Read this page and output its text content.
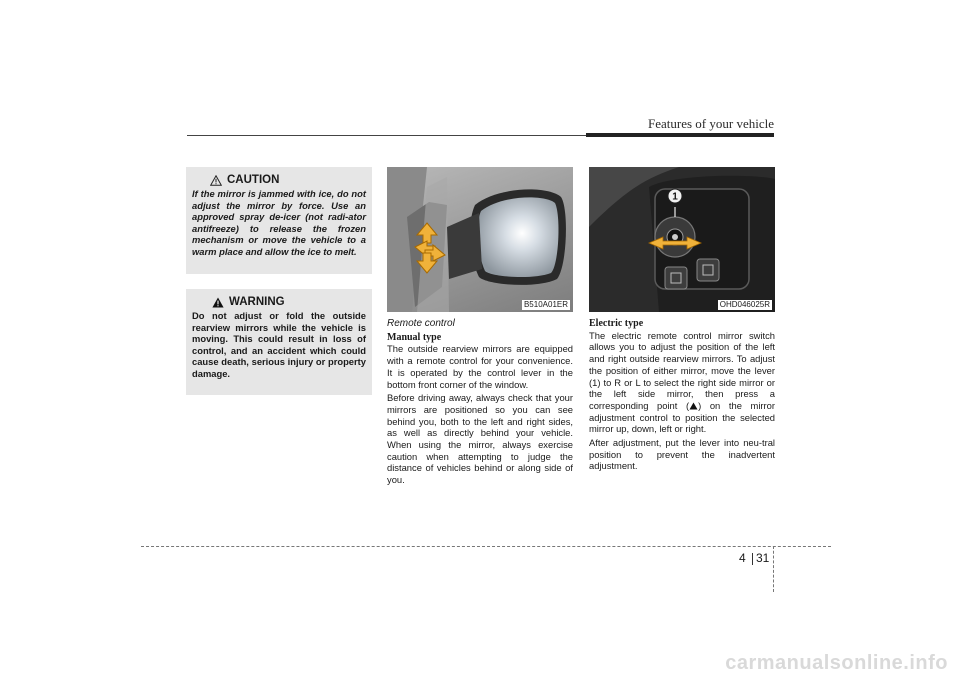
Features of your vehicle
CAUTION
If the mirror is jammed with ice, do not adjust the mirror by force. Use an approved spray de-icer (not radi-ator antifreeze) to release the frozen mechanism or move the vehicle to a warm place and allow the ice to melt.
WARNING
Do not adjust or fold the outside rearview mirrors while the vehicle is moving. This could result in loss of control, and an accident which could cause death, serious injury or property damage.
B510A01ER
1
OHD046025R
Remote control
Manual type

The outside rearview mirrors are equipped with a remote control for your convenience. It is operated by the control lever in the bottom front corner of the window.

Before driving away, always check that your mirrors are positioned so you can see behind you, both to the left and right sides, as well as directly behind your vehicle. When using the mirror, always exercise caution when attempting to judge the distance of vehicles behind or along side of you.

Electric type

The electric remote control mirror switch allows you to adjust the position of the left and right outside rearview mirrors. To adjust the position of either mirror, move the lever (1) to R or L to select the right side mirror or the left side mirror, then press a corresponding point ( ) on the mirror adjustment control to position the selected mirror up, down, left or right.

After adjustment, put the lever into neu-tral position to prevent the inadvertent adjustment.

4 31
carmanualsonline.info
